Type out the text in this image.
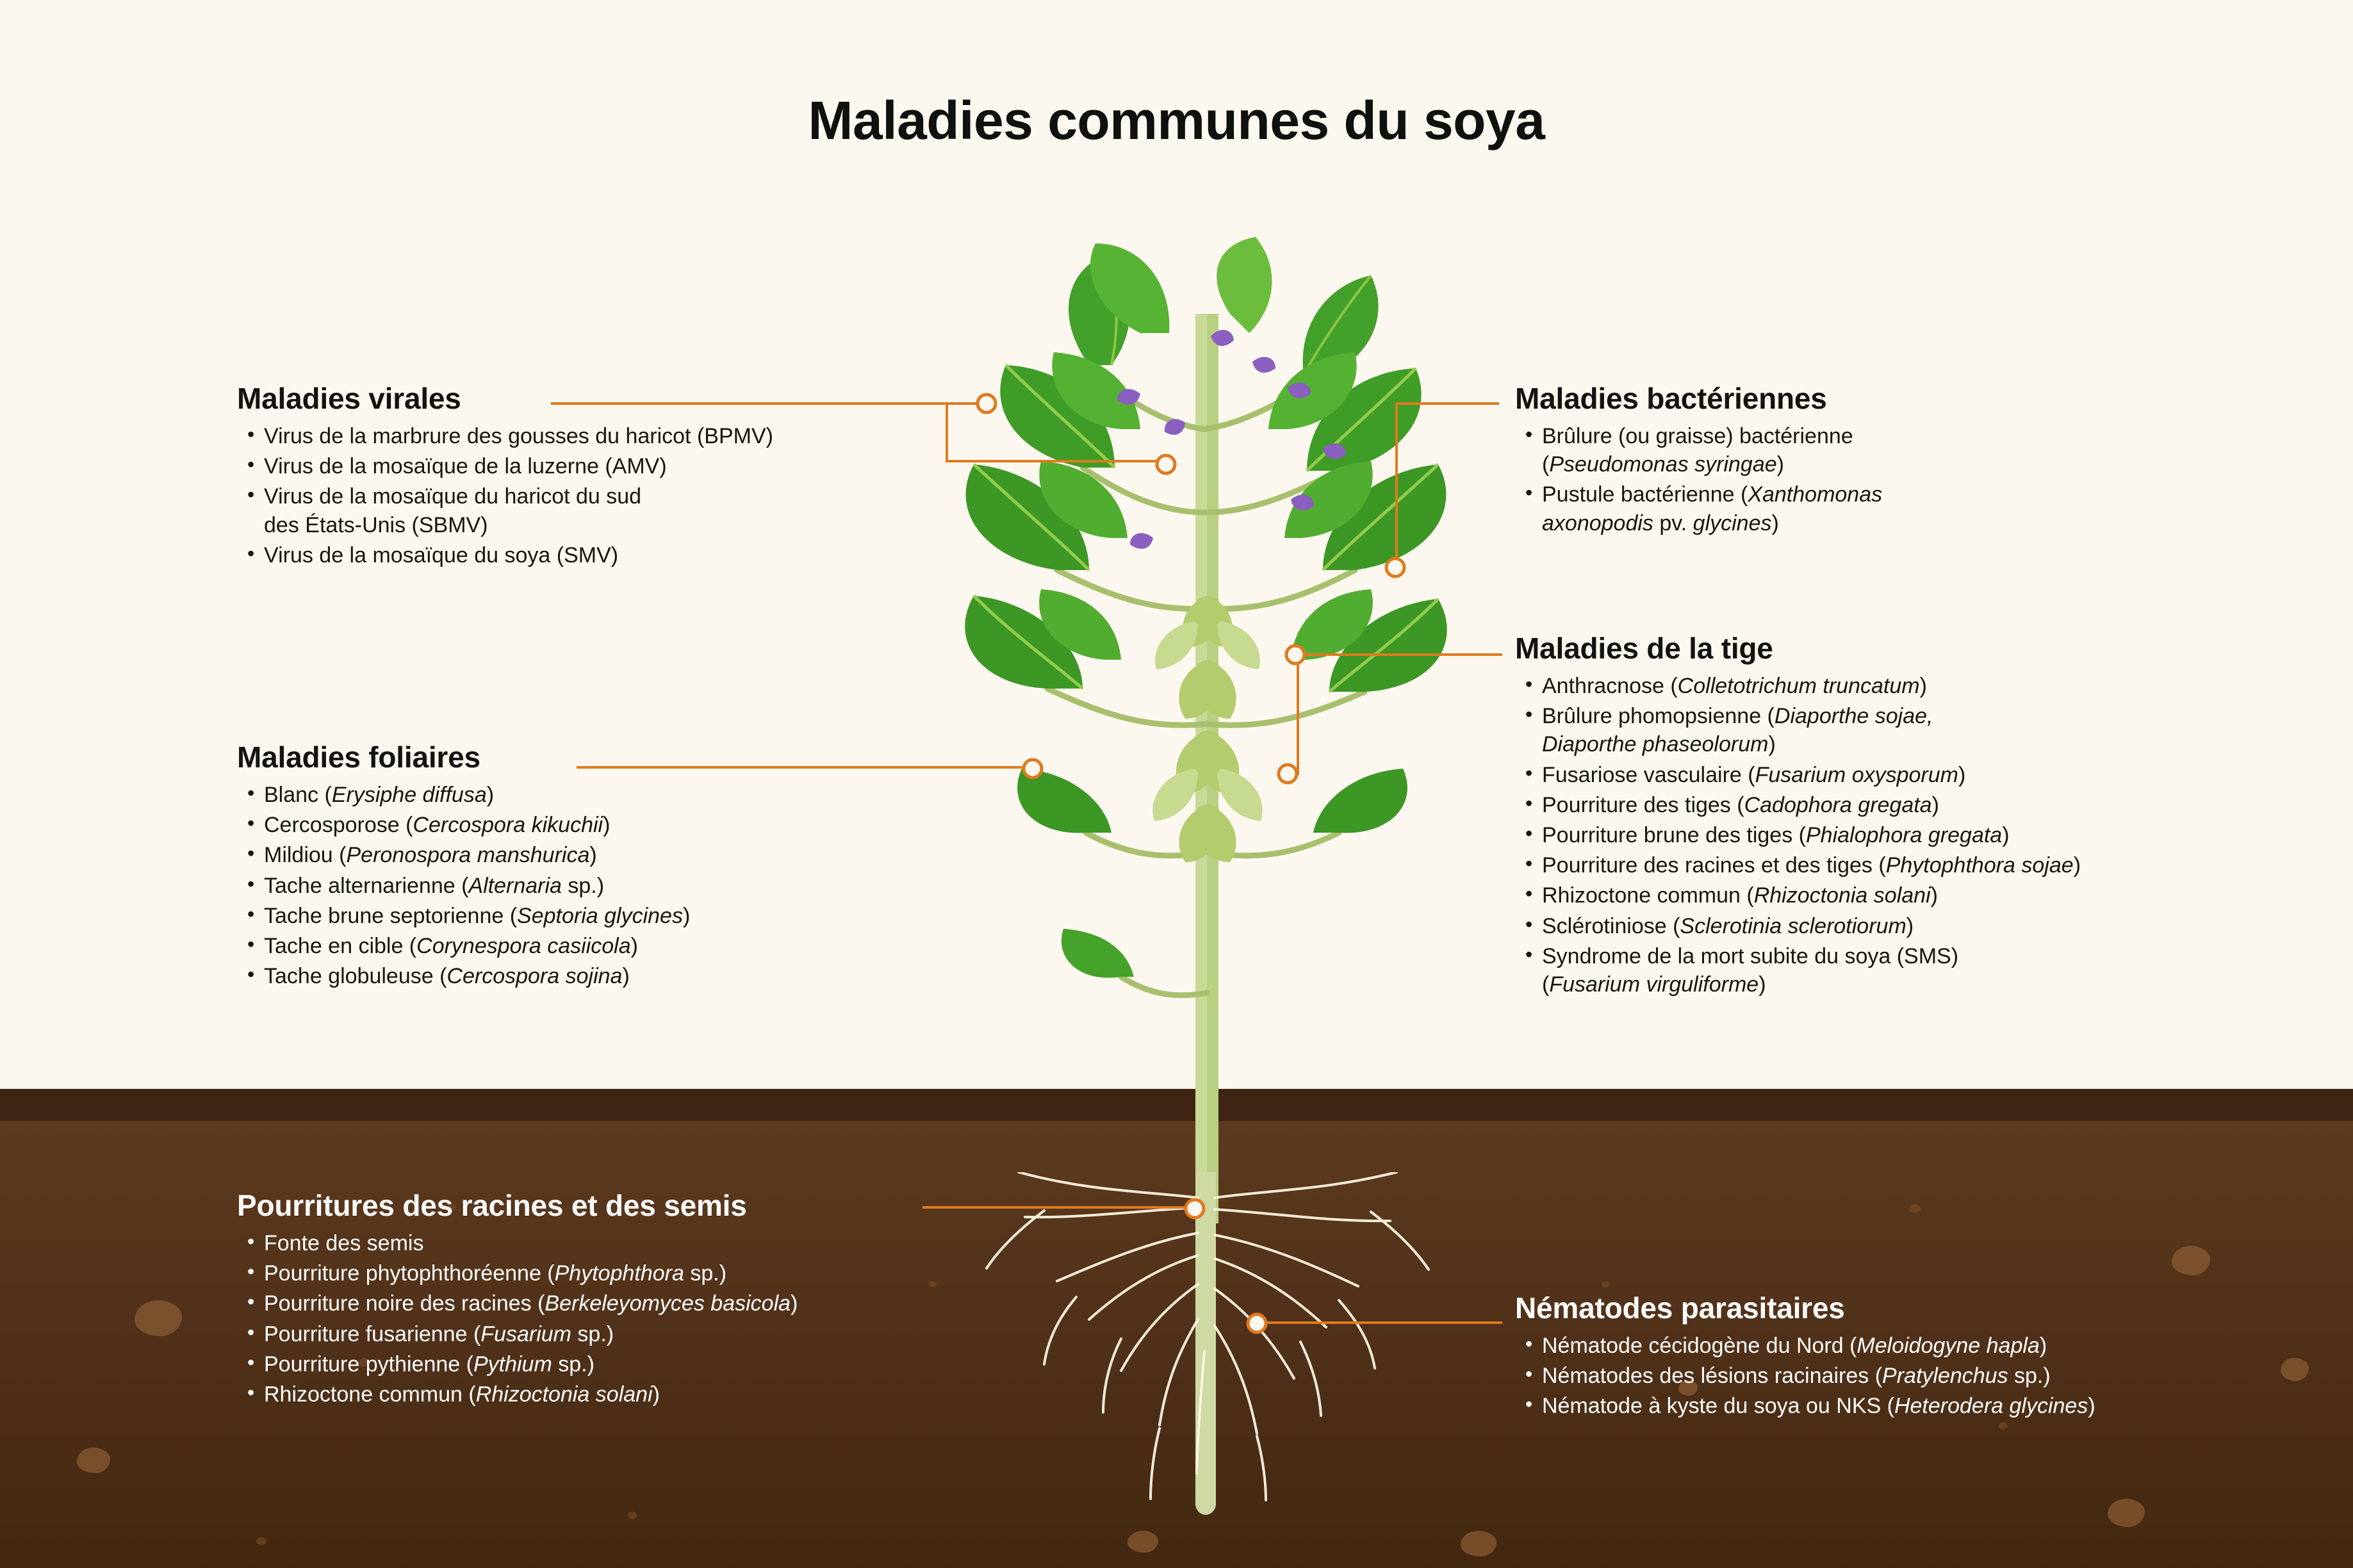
Maladies communes du soya
Maladies virales
• Virus de la marbrure des gousses du haricot (BPMV)
• Virus de la mosaïque de la luzerne (AMV)
• Virus de la mosaïque du haricot du sud
des États-Unis (SBMV)
• Virus de la mosaïque du soya (SMV)
Maladies foliaires
• Blanc (Erysiphe diffusa)
• Cercosporose (Cercospora kikuchii)
• Mildiou (Peronospora manshurica)
• Tache alternarienne (Alternaria sp.)
• Tache brune septorienne (Septoria glycines)
• Tache en cible (Corynespora casiicola)
• Tache globuleuse (Cercospora sojina)
Pourritures des racines et des semis
• Fonte des semis
• Pourriture phytophthoréenne (Phytophthora sp.)
• Pourriture noire des racines (Berkeleyomyces basicola)
• Pourriture fusarienne (Fusarium sp.)
• Pourriture pythienne (Pythium sp.)
• Rhizoctone commun (Rhizoctonia solani)
Maladies bactériennes
• Brûlure (ou graisse) bactérienne
(Pseudomonas syringae)
• Pustule bactérienne (Xanthomonas
axonopodis pv. glycines)
Maladies de la tige
• Anthracnose (Colletotrichum truncatum)
• Brûlure phomopsienne (Diaporthe sojae,
Diaporthe phaseolorum)
• Fusariose vasculaire (Fusarium oxysporum)
• Pourriture des tiges (Cadophora gregata)
• Pourriture brune des tiges (Phialophora gregata)
• Pourriture des racines et des tiges (Phytophthora sojae)
• Rhizoctone commun (Rhizoctonia solani)
• Sclérotiniose (Sclerotinia sclerotiorum)
• Syndrome de la mort subite du soya (SMS)
(Fusarium virguliforme)
Nématodes parasitaires
• Nématode cécidogène du Nord (Meloidogyne hapla)
• Nématodes des lésions racinaires (Pratylenchus sp.)
• Nématode à kyste du soya ou NKS (Heterodera glycines)
